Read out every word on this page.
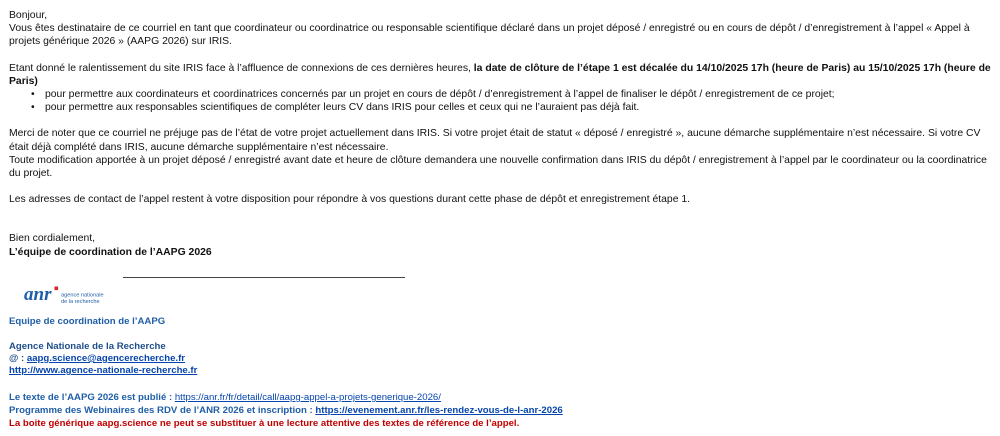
Bonjour,

Vous êtes destinataire de ce courriel en tant que coordinateur ou coordinatrice ou responsable scientifique déclaré dans un projet déposé / enregistré ou en cours de dépôt / d’enregistrement à l’appel « Appel à projets générique 2026 » (AAPG 2026) sur IRIS.

Etant donné le ralentissement du site IRIS face à l’affluence de connexions de ces dernières heures, la date de clôture de l’étape 1 est décalée du 14/10/2025 17h (heure de Paris) au 15/10/2025 17h (heure de Paris)

• pour permettre aux coordinateurs et coordinatrices concernés par un projet en cours de dépôt / d’enregistrement à l’appel de finaliser le dépôt / enregistrement de ce projet;
• pour permettre aux responsables scientifiques de compléter leurs CV dans IRIS pour celles et ceux qui ne l’auraient pas déjà fait.

Merci de noter que ce courriel ne préjuge pas de l’état de votre projet actuellement dans IRIS. Si votre projet était de statut « déposé / enregistré », aucune démarche supplémentaire n’est nécessaire. Si votre CV était déjà complété dans IRIS, aucune démarche supplémentaire n’est nécessaire.

Toute modification apportée à un projet déposé / enregistré avant date et heure de clôture demandera une nouvelle confirmation dans IRIS du dépôt / enregistrement à l’appel par le coordinateur ou la coordinatrice du projet.

Les adresses de contact de l’appel restent à votre disposition pour répondre à vos questions durant cette phase de dépôt et enregistrement étape 1.

Bien cordialement,

L’équipe de coordination de l’AAPG 2026

anr agence nationale
de la recherche
Equipe de coordination de l’AAPG
Agence Nationale de la Recherche
@ : aapg.science@agencerecherche.fr
http://www.agence-nationale-recherche.fr
Le texte de l’AAPG 2026 est publié : https://anr.fr/fr/detail/call/aapg-appel-a-projets-generique-2026/
Programme des Webinaires des RDV de l’ANR 2026 et inscription : https://evenement.anr.fr/les-rendez-vous-de-l-anr-2026
La boite générique aapg.science ne peut se substituer à une lecture attentive des textes de référence de l’appel.
